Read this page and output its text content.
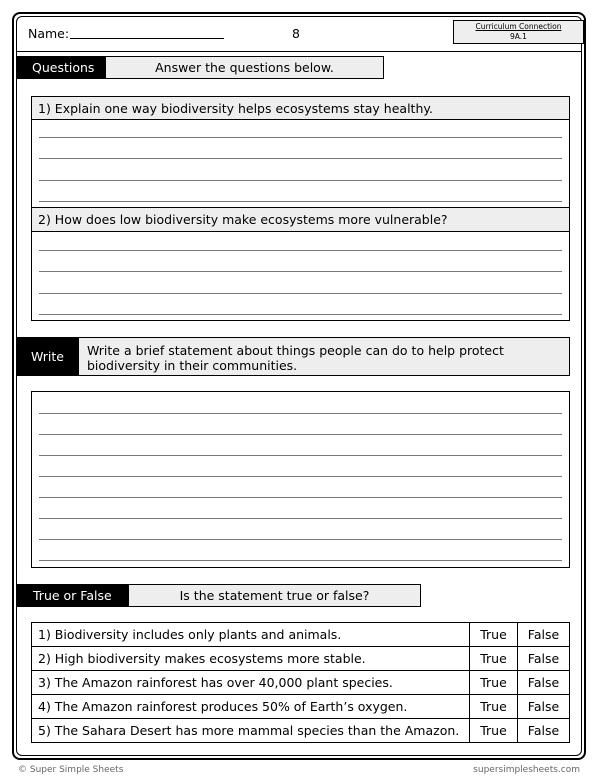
Name:	8	Curriculum Connection
9A.1
Questions	Answer the questions below.
1) Explain one way biodiversity helps ecosystems stay healthy.
2) How does low biodiversity make ecosystems more vulnerable?
Write	Write a brief statement about things people can do to help protect biodiversity in their communities.
True or False	Is the statement true or false?
1) Biodiversity includes only plants and animals.	True	False
2) High biodiversity makes ecosystems more stable.	True	False
3) The Amazon rainforest has over 40,000 plant species.	True	False
4) The Amazon rainforest produces 50% of Earth’s oxygen.	True	False
5) The Sahara Desert has more mammal species than the Amazon.	True	False
© Super Simple Sheets	supersimplesheets.com
